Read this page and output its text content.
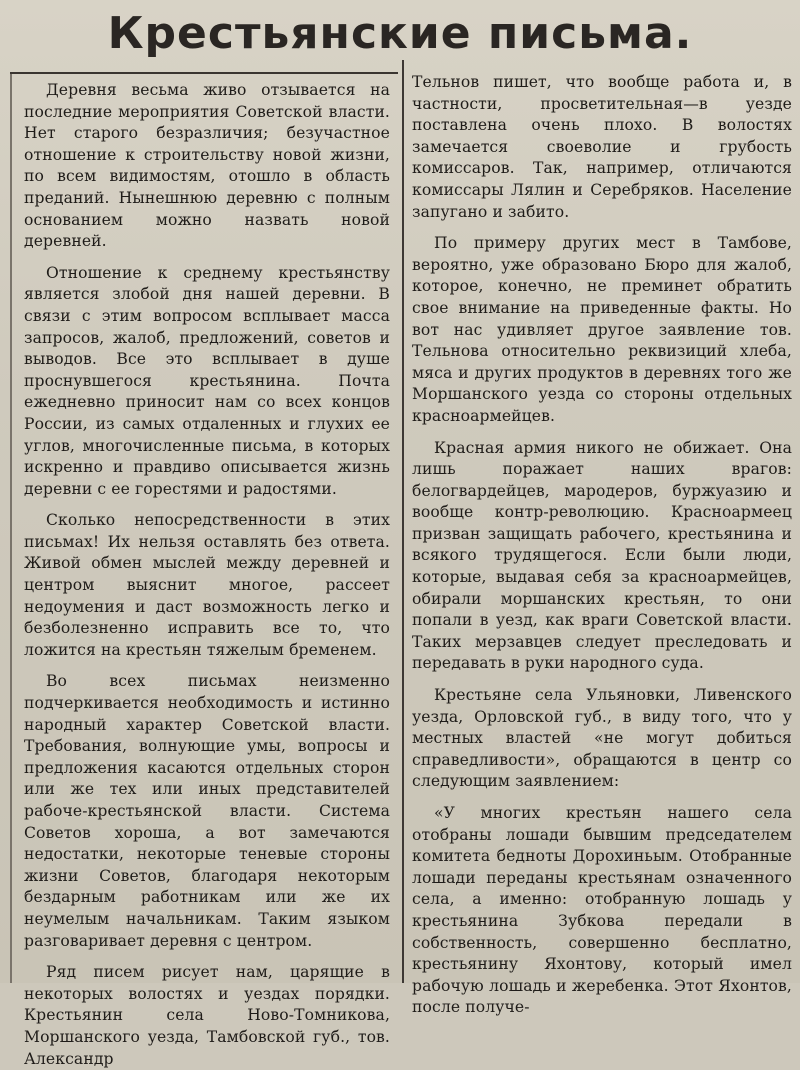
Крестьянские письма.

Деревня весьма живо отзывается на последние мероприятия Советской власти. Нет старого безразличия; безучастное отношение к строительству новой жизни, по всем видимостям, отошло в область преданий. Нынешнюю деревню с полным основанием можно назвать новой деревней.

Отношение к среднему крестьянству является злобой дня нашей деревни. В связи с этим вопросом всплывает масса запросов, жалоб, предложений, советов и выводов. Все это всплывает в душе проснувшегося крестьянина. Почта ежедневно приносит нам со всех концов России, из самых отдаленных и глухих ее углов, многочисленные письма, в которых искренно и правдиво описывается жизнь деревни с ее горестями и радостями.

Сколько непосредственности в этих письмах! Их нельзя оставлять без ответа. Живой обмен мыслей между деревней и центром выяснит многое, рассеет недоумения и даст возможность легко и безболезненно исправить все то, что ложится на крестьян тяжелым бременем.

Во всех письмах неизменно подчеркивается необходимость и истинно народный характер Советской власти. Требования, волнующие умы, вопросы и предложения касаются отдельных сторон или же тех или иных представителей рабоче-крестьянской власти. Система Советов хороша, а вот замечаются недостатки, некоторые теневые стороны жизни Советов, благодаря некоторым бездарным работникам или же их неумелым начальникам. Таким языком разговаривает деревня с центром.

Ряд писем рисует нам, царящие в некоторых волостях и уездах порядки. Крестьянин села Ново-Томникова, Моршанского уезда, Тамбовской губ., тов. Александр

Тельнов пишет, что вообще работа и, в частности, просветительная—в уезде поставлена очень плохо. В волостях замечается своеволие и грубость комиссаров. Так, например, отличаются комиссары Лялин и Серебряков. Население запугано и забито.

По примеру других мест в Тамбове, вероятно, уже образовано Бюро для жалоб, которое, конечно, не преминет обратить свое внимание на приведенные факты. Но вот нас удивляет другое заявление тов. Тельнова относительно реквизиций хлеба, мяса и других продуктов в деревнях того же Моршанского уезда со стороны отдельных красноармейцев.

Красная армия никого не обижает. Она лишь поражает наших врагов: белогвардейцев, мародеров, буржуазию и вообще контр-революцию. Красноармеец призван защищать рабочего, крестьянина и всякого трудящегося. Если были люди, которые, выдавая себя за красноармейцев, обирали моршанских крестьян, то они попали в уезд, как враги Советской власти. Таких мерзавцев следует преследовать и передавать в руки народного суда.

Крестьяне села Ульяновки, Ливенского уезда, Орловской губ., в виду того, что у местных властей «не могут добиться справедливости», обращаются в центр со следующим заявлением:

«У многих крестьян нашего села отобраны лошади бывшим председателем комитета бедноты Дорохиньым. Отобранные лошади переданы крестьянам означенного села, а именно: отобранную лошадь у крестьянина Зубкова передали в собственность, совершенно бесплатно, крестьянину Яхонтову, который имел рабочую лошадь и жеребенка. Этот Яхонтов, после получе-
